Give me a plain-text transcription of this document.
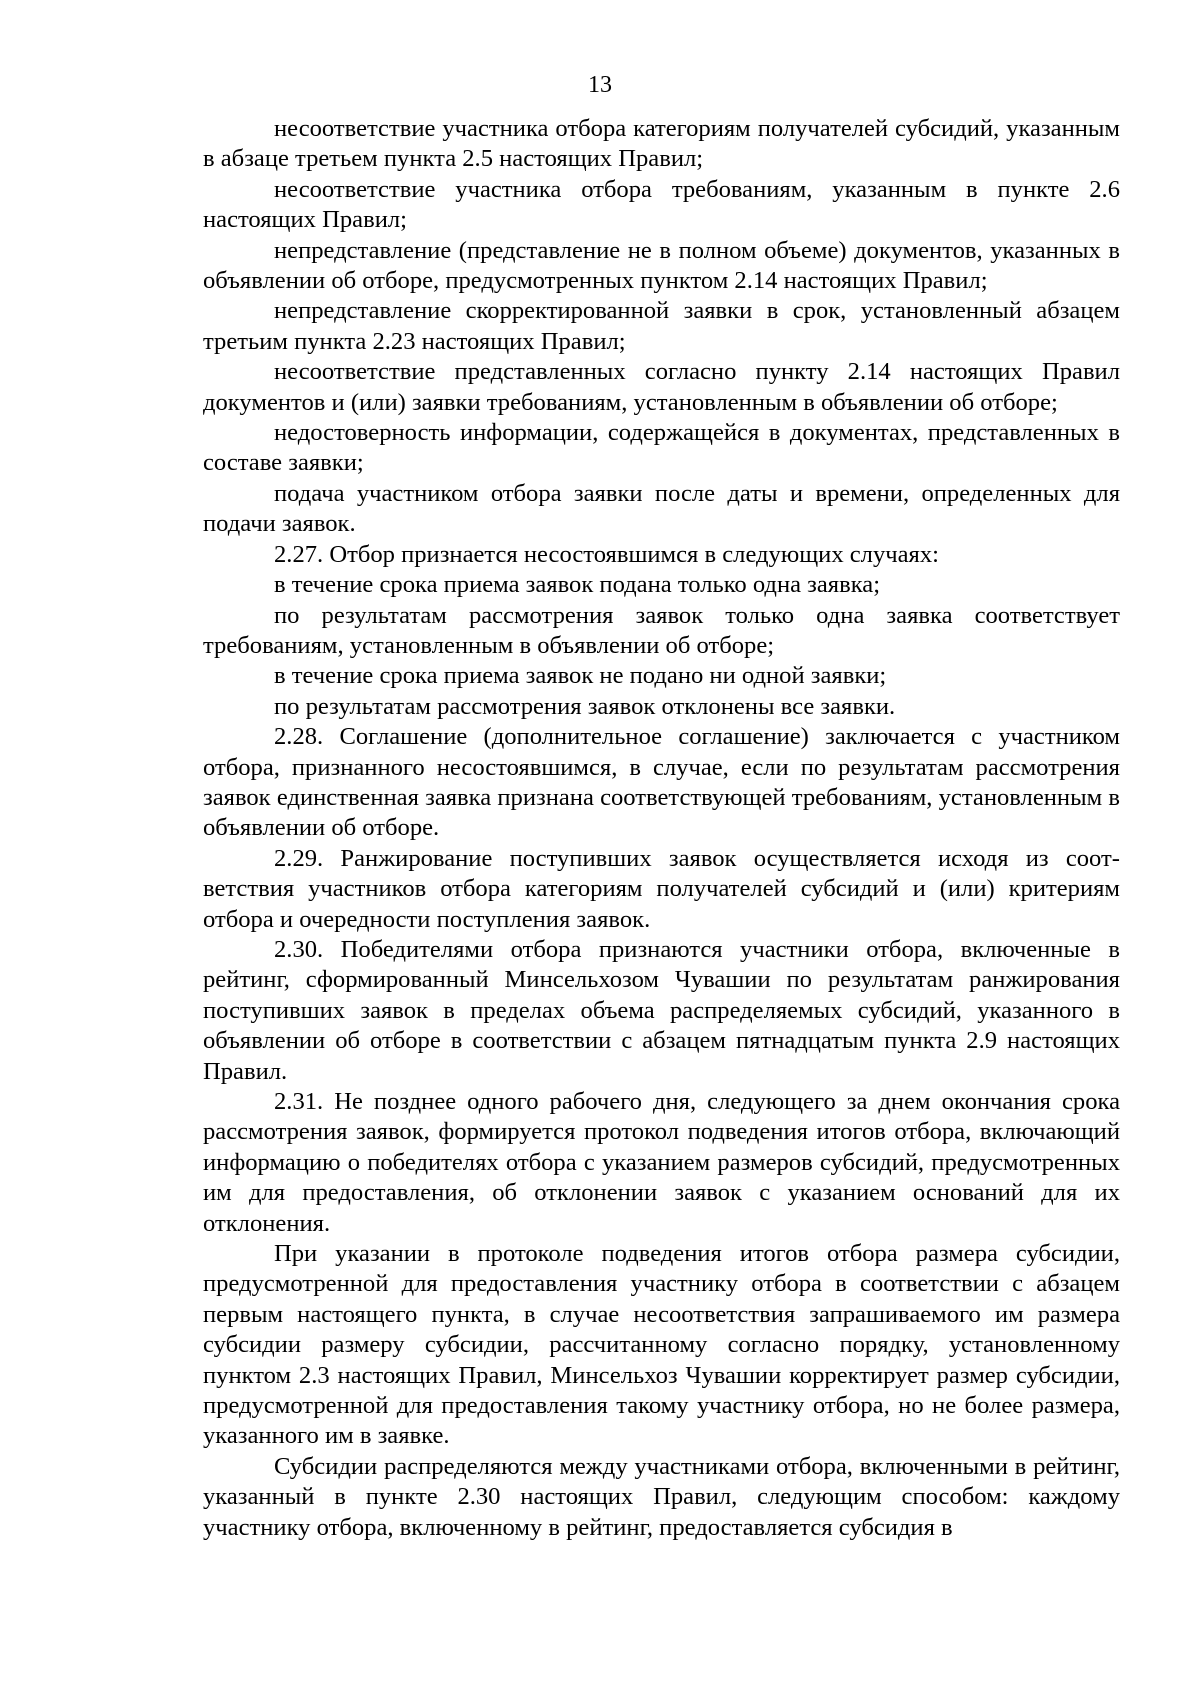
13

несоответствие участника отбора категориям получателей субсидий, указанным в абзаце третьем пункта 2.5 настоящих Правил;

несоответствие участника отбора требованиям, указанным в пункте 2.6 настоящих Правил;

непредставление (представление не в полном объеме) документов, указанных в объявлении об отборе, предусмотренных пунктом 2.14 настоящих Правил;

непредставление скорректированной заявки в срок, установленный абзацем третьим пункта 2.23 настоящих Правил;

несоответствие представленных согласно пункту 2.14 настоящих Правил документов и (или) заявки требованиям, установленным в объявлении об отборе;

недостоверность информации, содержащейся в документах, представленных в составе заявки;

подача участником отбора заявки после даты и времени, определенных для подачи заявок.

2.27. Отбор признается несостоявшимся в следующих случаях:

в течение срока приема заявок подана только одна заявка;

по результатам рассмотрения заявок только одна заявка соответствует требованиям, установленным в объявлении об отборе;

в течение срока приема заявок не подано ни одной заявки;

по результатам рассмотрения заявок отклонены все заявки.

2.28. Соглашение (дополнительное соглашение) заключается с участником отбора, признанного несостоявшимся, в случае, если по результатам рассмотрения заявок единственная заявка признана соответствующей требованиям, установленным в объявлении об отборе.

2.29. Ранжирование поступивших заявок осуществляется исходя из соответствия участников отбора категориям получателей субсидий и (или) критериям отбора и очередности поступления заявок.

2.30. Победителями отбора признаются участники отбора, включенные в рейтинг, сформированный Минсельхозом Чувашии по результатам ранжирования поступивших заявок в пределах объема распределяемых субсидий, указанного в объявлении об отборе в соответствии с абзацем пятнадцатым пункта 2.9 настоящих Правил.

2.31. Не позднее одного рабочего дня, следующего за днем окончания срока рассмотрения заявок, формируется протокол подведения итогов отбора, включающий информацию о победителях отбора с указанием размеров субсидий, предусмотренных им для предоставления, об отклонении заявок с указанием оснований для их отклонения.

При указании в протоколе подведения итогов отбора размера субсидии, предусмотренной для предоставления участнику отбора в соответствии с абзацем первым настоящего пункта, в случае несоответствия запрашиваемого им размера субсидии размеру субсидии, рассчитанному согласно порядку, установленному пунктом 2.3 настоящих Правил, Минсельхоз Чувашии корректирует размер субсидии, предусмотренной для предоставления такому участнику отбора, но не более размера, указанного им в заявке.

Субсидии распределяются между участниками отбора, включенными в рейтинг, указанный в пункте 2.30 настоящих Правил, следующим способом: каждому участнику отбора, включенному в рейтинг, предоставляется субсидия в
